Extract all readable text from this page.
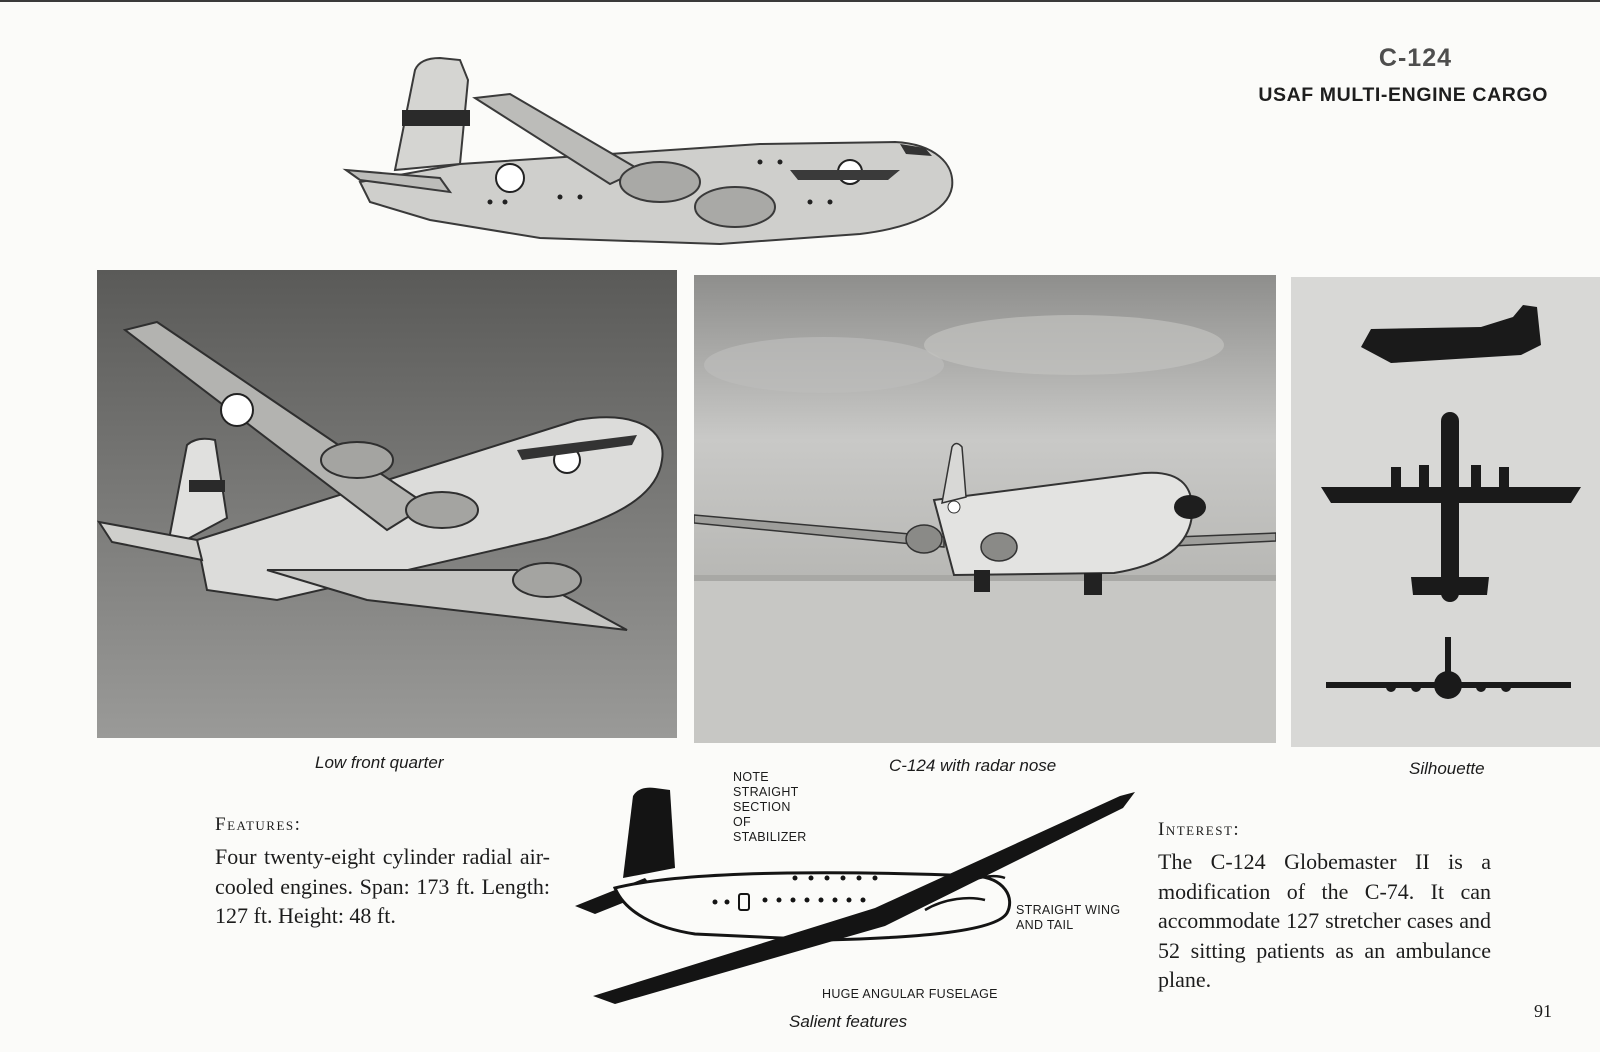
C-124
USAF MULTI-ENGINE CARGO
Low front quarter	C-124 with radar nose	Silhouette
Features:
Four twenty-eight cylinder radial air-cooled engines. Span: 173 ft. Length: 127 ft. Height: 48 ft.
NOTE STRAIGHT SECTION OF STABILIZER
STRAIGHT WING AND TAIL
HUGE ANGULAR FUSELAGE
Salient features
Interest:
The C-124 Globemaster II is a modification of the C-74. It can accommodate 127 stretcher cases and 52 sitting patients as an ambulance plane.
91
